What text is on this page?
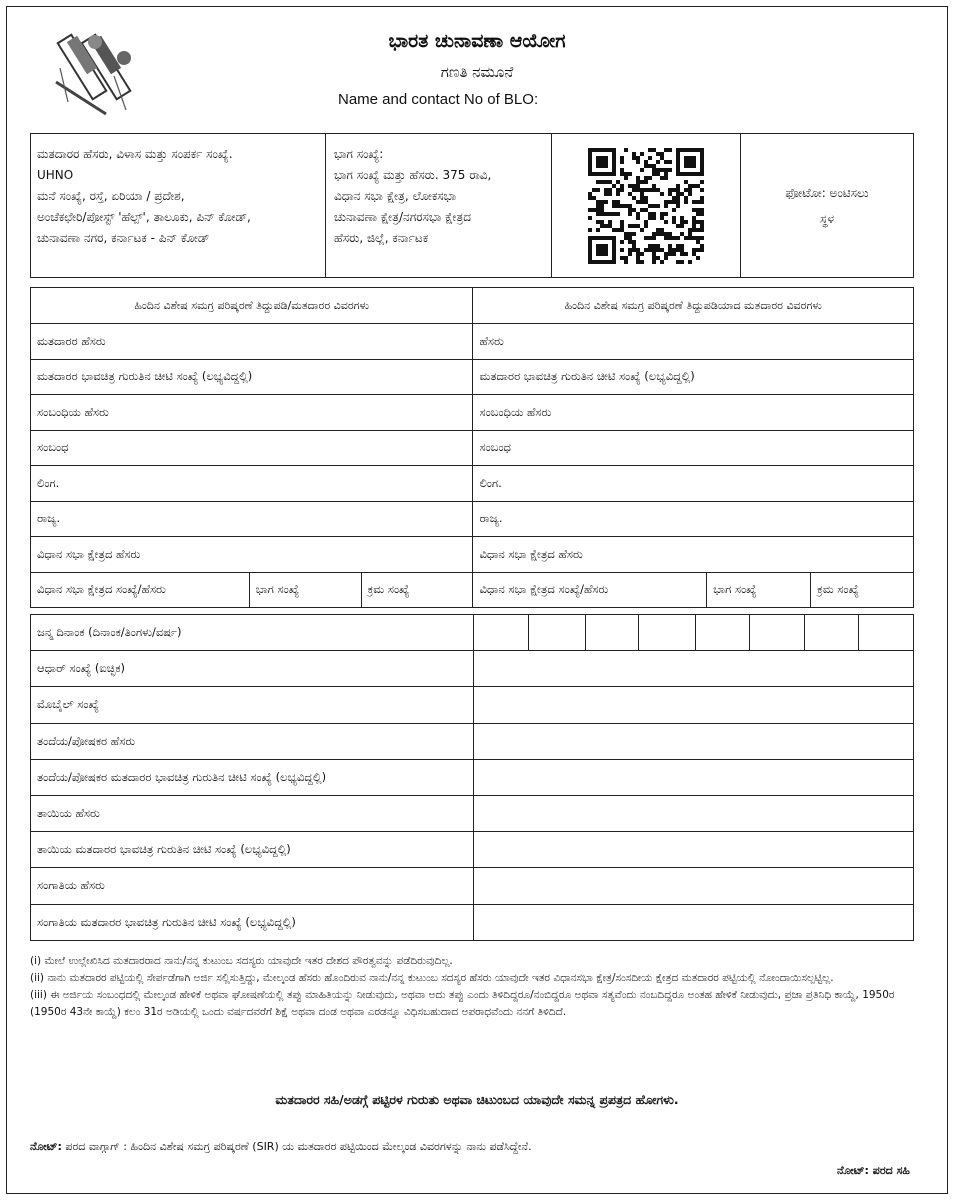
ಭಾರತ ಚುನಾವಣಾ ಆಯೋಗ
ಗಣತಿ ನಮೂನೆ
Name and contact No of BLO:
ಮತದಾರರ ಹೆಸರು, ವಿಳಾಸ ಮತ್ತು ಸಂಪರ್ಕ ಸಂಖ್ಯೆ.
UHNO
ಮನೆ ಸಂಖ್ಯೆ, ರಸ್ತೆ, ಏರಿಯಾ / ಪ್ರದೇಶ,
ಅಂಚೆಕಛೇರಿ/ಪೋಸ್ಟ್ 'ಹೆಲ್ಪ್', ತಾಲೂಕು, ಪಿನ್ ಕೋಡ್,
ಚುನಾವಣಾ ನಗರ, ಕರ್ನಾಟಕ - ಪಿನ್ ಕೋಡ್
ಭಾಗ ಸಂಖ್ಯೆ:
ಭಾಗ ಸಂಖ್ಯೆ ಮತ್ತು ಹೆಸರು. 375 ರಾವಿ,
ವಿಧಾನ ಸಭಾ ಕ್ಷೇತ್ರ, ಲೋಕಸಭಾ
ಚುನಾವಣಾ ಕ್ಷೇತ್ರ/ನಗರಸಭಾ ಕ್ಷೇತ್ರದ
ಹೆಸರು, ಜಿಲ್ಲೆ, ಕರ್ನಾಟಕ
ಫೋಟೋ: ಅಂಟಿಸಲು
ಸ್ಥಳ
ಹಿಂದಿನ ವಿಶೇಷ ಸಮಗ್ರ ಪರಿಷ್ಕರಣೆ ತಿದ್ದುಪಡಿ/ಮತದಾರರ ವಿವರಗಳು			ಹಿಂದಿನ ವಿಶೇಷ ಸಮಗ್ರ ಪರಿಷ್ಕರಣೆ ತಿದ್ದುಪಡಿಯಾದ ಮತದಾರರ ವಿವರಗಳು		
ಮತದಾರರ ಹೆಸರು			ಹೆಸರು		
ಮತದಾರರ ಭಾವಚಿತ್ರ ಗುರುತಿನ ಚೀಟಿ ಸಂಖ್ಯೆ (ಲಭ್ಯವಿದ್ದಲ್ಲಿ)			ಮತದಾರರ ಭಾವಚಿತ್ರ ಗುರುತಿನ ಚೀಟಿ ಸಂಖ್ಯೆ (ಲಭ್ಯವಿದ್ದಲ್ಲಿ)		
ಸಂಬಂಧಿಯ ಹೆಸರು			ಸಂಬಂಧಿಯ ಹೆಸರು		
ಸಂಬಂಧ			ಸಂಬಂಧ		
ಲಿಂಗ.			ಲಿಂಗ.		
ರಾಜ್ಯ.			ರಾಜ್ಯ.		
ವಿಧಾನ ಸಭಾ ಕ್ಷೇತ್ರದ ಹೆಸರು			ವಿಧಾನ ಸಭಾ ಕ್ಷೇತ್ರದ ಹೆಸರು		
ವಿಧಾನ ಸಭಾ ಕ್ಷೇತ್ರದ ಸಂಖ್ಯೆ/ಹೆಸರು	ಭಾಗ ಸಂಖ್ಯೆ	ಕ್ರಮ ಸಂಖ್ಯೆ	ವಿಧಾನ ಸಭಾ ಕ್ಷೇತ್ರದ ಸಂಖ್ಯೆ/ಹೆಸರು	ಭಾಗ ಸಂಖ್ಯೆ	ಕ್ರಮ ಸಂಖ್ಯೆ
ಜನ್ಮ ದಿನಾಂಕ (ದಿನಾಂಕ/ತಿಂಗಳು/ವರ್ಷ)								
ಆಧಾರ್ ಸಂಖ್ಯೆ (ಐಚ್ಛಿಕ)								
ಮೊಬೈಲ್ ಸಂಖ್ಯೆ								
ತಂದೆಯ/ಪೋಷಕರ ಹೆಸರು								
ತಂದೆಯ/ಪೋಷಕರ ಮತದಾರರ ಭಾವಚಿತ್ರ ಗುರುತಿನ ಚೀಟಿ ಸಂಖ್ಯೆ (ಲಭ್ಯವಿದ್ದಲ್ಲಿ)								
ತಾಯಿಯ ಹೆಸರು								
ತಾಯಿಯ ಮತದಾರರ ಭಾವಚಿತ್ರ ಗುರುತಿನ ಚೀಟಿ ಸಂಖ್ಯೆ (ಲಭ್ಯವಿದ್ದಲ್ಲಿ)								
ಸಂಗಾತಿಯ ಹೆಸರು								
ಸಂಗಾತಿಯ ಮತದಾರರ ಭಾವಚಿತ್ರ ಗುರುತಿನ ಚೀಟಿ ಸಂಖ್ಯೆ (ಲಭ್ಯವಿದ್ದಲ್ಲಿ)								
(i) ಮೇಲೆ ಉಲ್ಲೇಖಿಸಿದ ಮತದಾರರಾದ ನಾನು/ನನ್ನ ಕುಟುಂಬ ಸದಸ್ಯರು ಯಾವುದೇ ಇತರ ದೇಶದ ಪೌರತ್ವವನ್ನು ಪಡೆದಿರುವುದಿಲ್ಲ.
(ii) ನಾನು ಮತದಾರರ ಪಟ್ಟಿಯಲ್ಲಿ ಸೇರ್ಪಡೆಗಾಗಿ ಅರ್ಜಿ ಸಲ್ಲಿಸುತ್ತಿದ್ದು, ಮೇಲ್ಕಂಡ ಹೆಸರು ಹೊಂದಿರುವ ನಾನು/ನನ್ನ ಕುಟುಂಬ ಸದಸ್ಯರ ಹೆಸರು ಯಾವುದೇ ಇತರ ವಿಧಾನಸಭಾ ಕ್ಷೇತ್ರ/ಸಂಸದೀಯ ಕ್ಷೇತ್ರದ ಮತದಾರರ ಪಟ್ಟಿಯಲ್ಲಿ ನೋಂದಾಯಿಸಲ್ಪಟ್ಟಿಲ್ಲ.
(iii) ಈ ಅರ್ಜಿಯ ಸಂಬಂಧದಲ್ಲಿ ಮೇಲ್ಕಂಡ ಹೇಳಿಕೆ ಅಥವಾ ಘೋಷಣೆಯಲ್ಲಿ ತಪ್ಪು ಮಾಹಿತಿಯನ್ನು ನೀಡುವುದು, ಅಥವಾ ಅದು ತಪ್ಪು ಎಂದು ತಿಳಿದಿದ್ದರೂ/ನಂಬಿದ್ದರೂ ಅಥವಾ ಸತ್ಯವೆಂದು ನಂಬದಿದ್ದರೂ ಅಂತಹ ಹೇಳಿಕೆ ನೀಡುವುದು, ಪ್ರಜಾ ಪ್ರತಿನಿಧಿ ಕಾಯ್ದೆ, 1950ರ (1950ರ 43ನೇ ಕಾಯ್ದೆ) ಕಲಂ 31ರ ಅಡಿಯಲ್ಲಿ ಒಂದು ವರ್ಷದವರೆಗೆ ಶಿಕ್ಷೆ ಅಥವಾ ದಂಡ ಅಥವಾ ಎರಡನ್ನೂ ವಿಧಿಸಬಹುದಾದ ಅಪರಾಧವೆಂದು ನನಗೆ ತಿಳಿದಿದೆ.
ಮತದಾರರ ಸಹಿ/ಅಡಗ್ಗೆ ಪಟ್ಟಿರಳ ಗುರುತು ಅಥವಾ ಚಿಟುಂಬದ ಯಾವುದೇ ಸಮನ್ನ ಪ್ರಪತ್ರದ ಹೋಗಳು.
ನೋಟ್: ಪರದ ವಾಗ್ಗಾಗ್ : ಹಿಂದಿನ ವಿಶೇಷ ಸಮಗ್ರ ಪರಿಷ್ಕರಣೆ (SIR) ಯ ಮತದಾರರ ಪಟ್ಟಿಯಿಂದ ಮೇಲ್ಕಂಡ ವಿವರಗಳನ್ನು ನಾನು ಪಡೆಸಿದ್ದೇನೆ.
ನೋಟ್: ಪರದ ಸಹಿ
